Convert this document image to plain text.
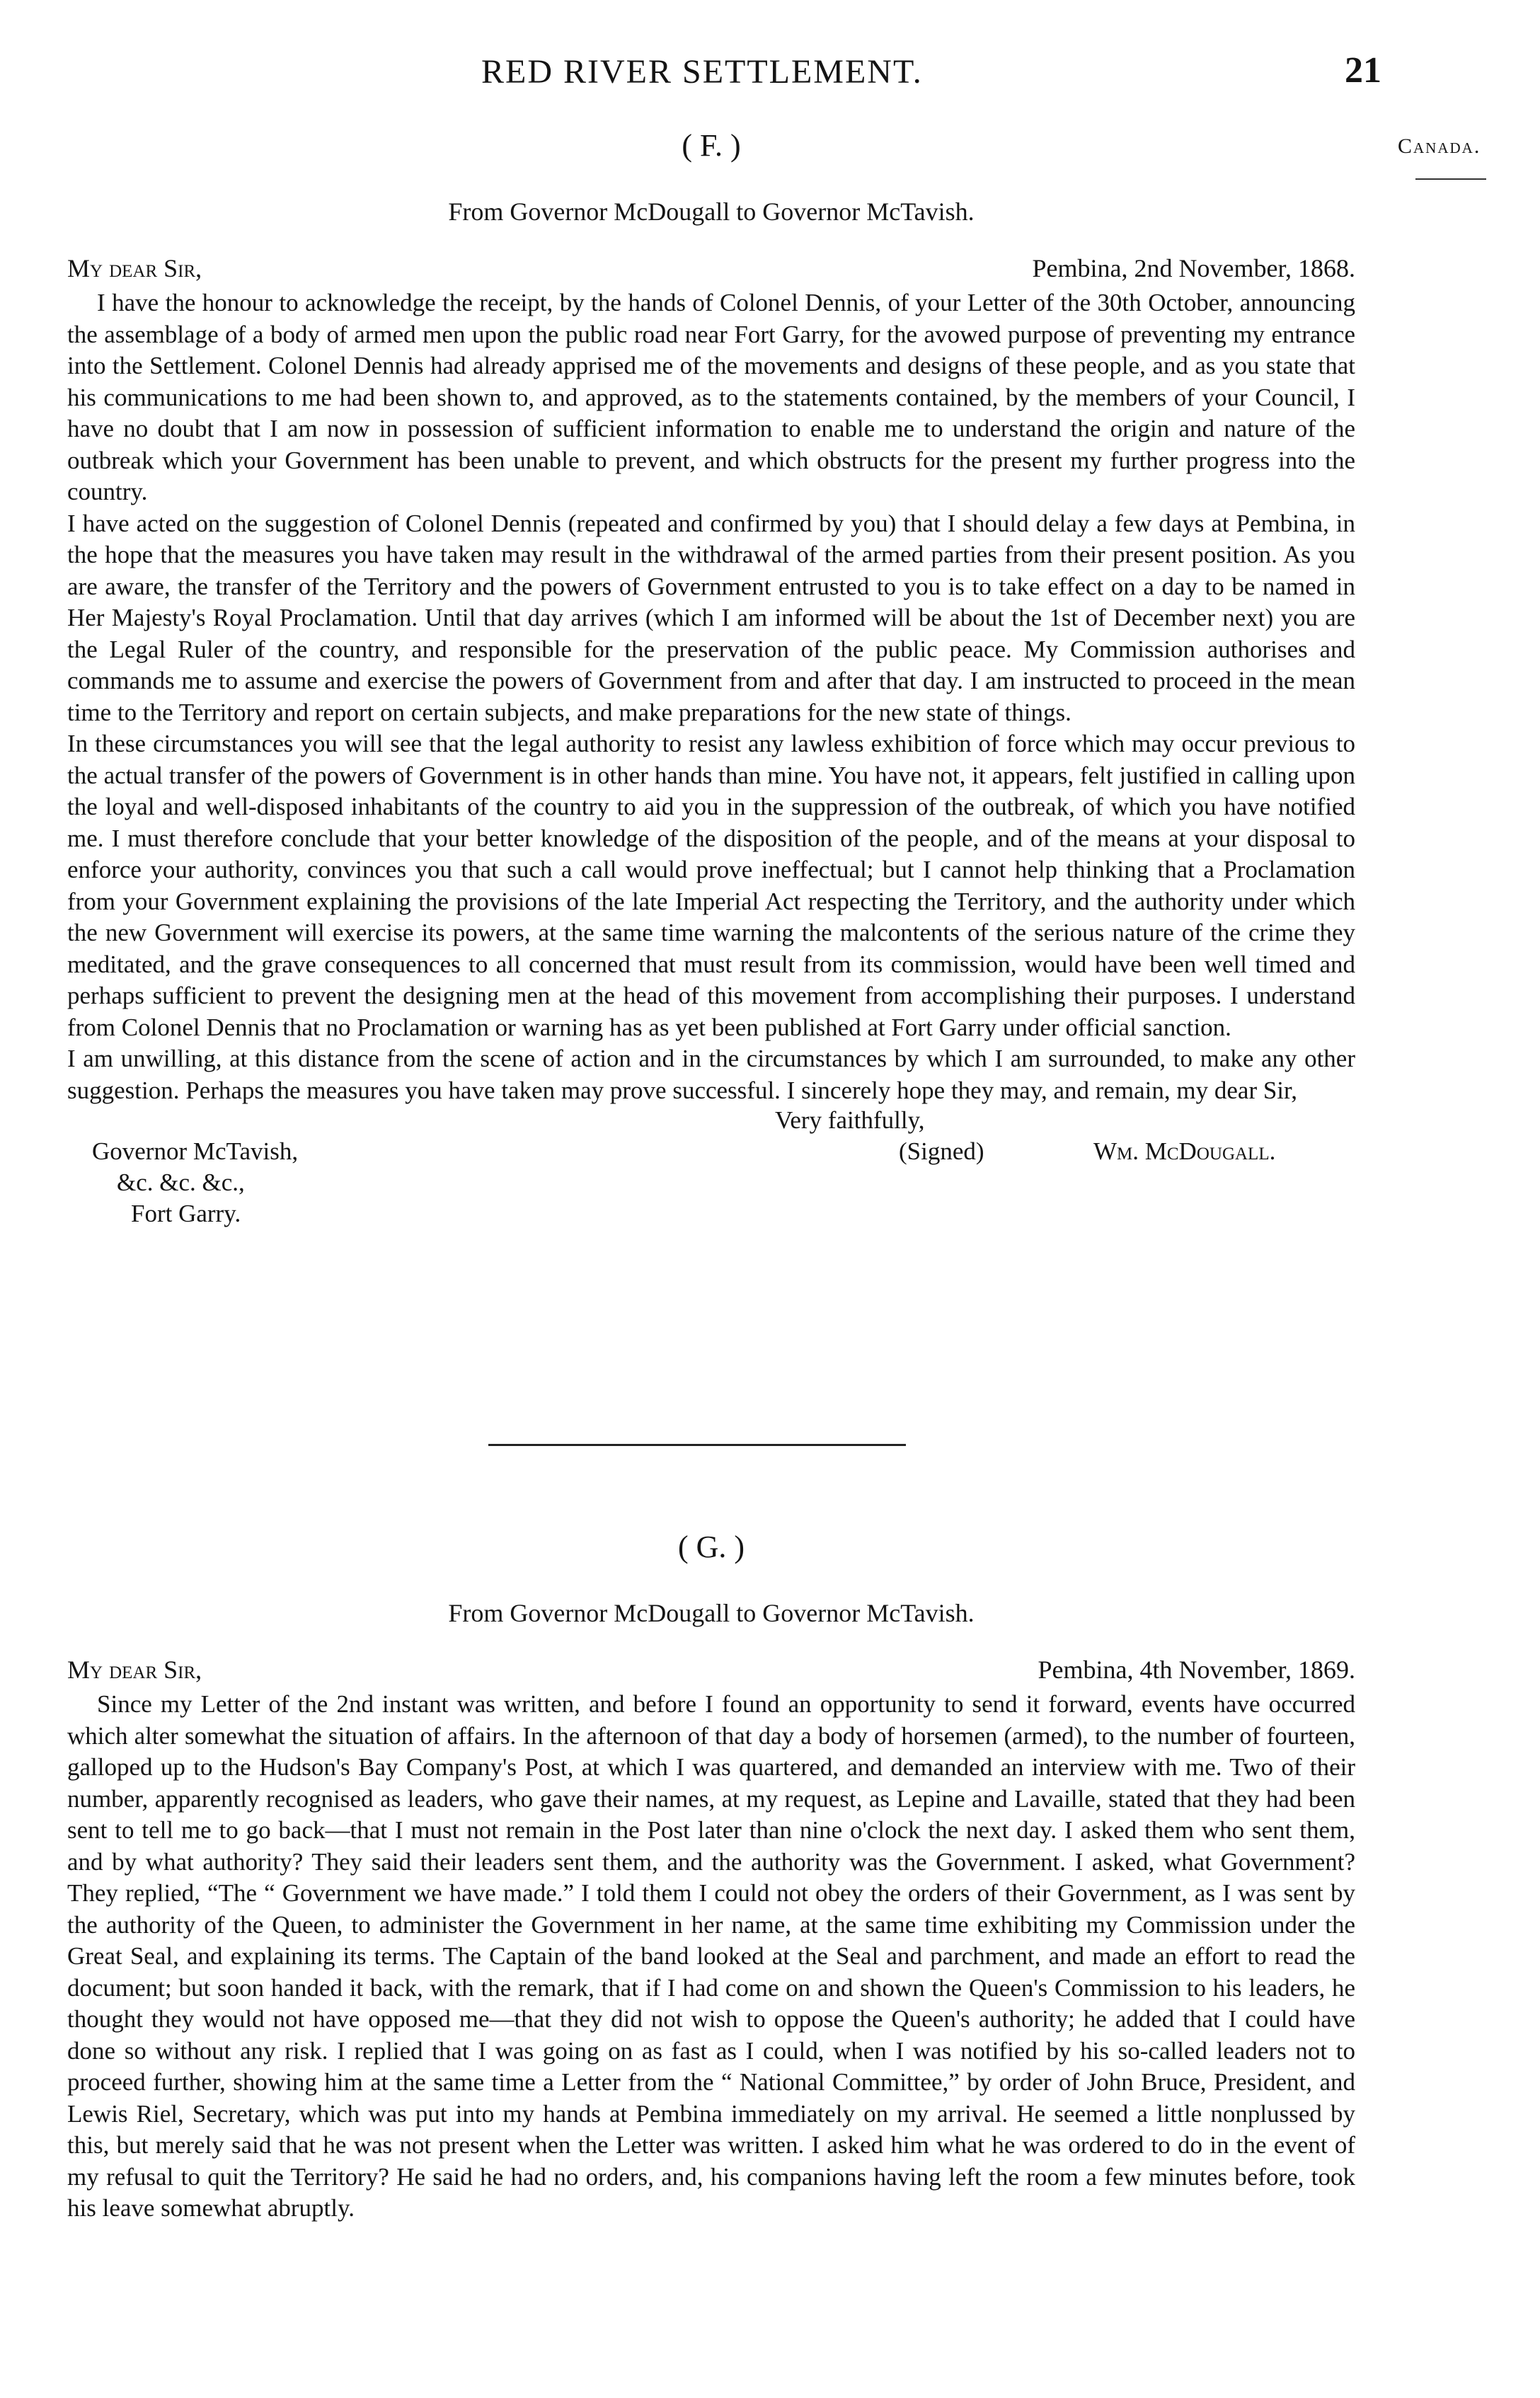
RED RIVER SETTLEMENT.	21
Canada.
( F. )
From Governor McDougall to Governor McTavish.
My dear Sir,	Pembina, 2nd November, 1868.

I have the honour to acknowledge the receipt, by the hands of Colonel Dennis, of your Letter of the 30th October, announcing the assemblage of a body of armed men upon the public road near Fort Garry, for the avowed purpose of preventing my entrance into the Settlement. Colonel Dennis had already apprised me of the movements and designs of these people, and as you state that his communications to me had been shown to, and approved, as to the statements contained, by the members of your Council, I have no doubt that I am now in possession of sufficient information to enable me to understand the origin and nature of the outbreak which your Government has been unable to prevent, and which obstructs for the present my further progress into the country.

I have acted on the suggestion of Colonel Dennis (repeated and confirmed by you) that I should delay a few days at Pembina, in the hope that the measures you have taken may result in the withdrawal of the armed parties from their present position. As you are aware, the transfer of the Territory and the powers of Government entrusted to you is to take effect on a day to be named in Her Majesty's Royal Proclamation. Until that day arrives (which I am informed will be about the 1st of December next) you are the Legal Ruler of the country, and responsible for the preservation of the public peace. My Commission authorises and commands me to assume and exercise the powers of Government from and after that day. I am instructed to proceed in the mean time to the Territory and report on certain subjects, and make preparations for the new state of things.

In these circumstances you will see that the legal authority to resist any lawless exhibition of force which may occur previous to the actual transfer of the powers of Government is in other hands than mine. You have not, it appears, felt justified in calling upon the loyal and well-disposed inhabitants of the country to aid you in the suppression of the outbreak, of which you have notified me. I must therefore conclude that your better knowledge of the disposition of the people, and of the means at your disposal to enforce your authority, convinces you that such a call would prove ineffectual; but I cannot help thinking that a Proclamation from your Government explaining the provisions of the late Imperial Act respecting the Territory, and the authority under which the new Government will exercise its powers, at the same time warning the malcontents of the serious nature of the crime they meditated, and the grave consequences to all concerned that must result from its commission, would have been well timed and perhaps sufficient to prevent the designing men at the head of this movement from accomplishing their purposes. I understand from Colonel Dennis that no Proclamation or warning has as yet been published at Fort Garry under official sanction.

I am unwilling, at this distance from the scene of action and in the circumstances by which I am surrounded, to make any other suggestion. Perhaps the measures you have taken may prove successful. I sincerely hope they may, and remain, my dear Sir,

Very faithfully,
Governor McTavish,	(Signed)	Wm. McDougall.
&c. &c. &c.,
Fort Garry.
( G. )
From Governor McDougall to Governor McTavish.
My dear Sir,	Pembina, 4th November, 1869.

Since my Letter of the 2nd instant was written, and before I found an opportunity to send it forward, events have occurred which alter somewhat the situation of affairs. In the afternoon of that day a body of horsemen (armed), to the number of fourteen, galloped up to the Hudson's Bay Company's Post, at which I was quartered, and demanded an interview with me. Two of their number, apparently recognised as leaders, who gave their names, at my request, as Lepine and Lavaille, stated that they had been sent to tell me to go back—that I must not remain in the Post later than nine o'clock the next day. I asked them who sent them, and by what authority? They said their leaders sent them, and the authority was the Government. I asked, what Government? They replied, “The “ Government we have made.” I told them I could not obey the orders of their Government, as I was sent by the authority of the Queen, to administer the Government in her name, at the same time exhibiting my Commission under the Great Seal, and explaining its terms. The Captain of the band looked at the Seal and parchment, and made an effort to read the document; but soon handed it back, with the remark, that if I had come on and shown the Queen's Commission to his leaders, he thought they would not have opposed me—that they did not wish to oppose the Queen's authority; he added that I could have done so without any risk. I replied that I was going on as fast as I could, when I was notified by his so-called leaders not to proceed further, showing him at the same time a Letter from the “ National Committee,” by order of John Bruce, President, and Lewis Riel, Secretary, which was put into my hands at Pembina immediately on my arrival. He seemed a little nonplussed by this, but merely said that he was not present when the Letter was written. I asked him what he was ordered to do in the event of my refusal to quit the Territory? He said he had no orders, and, his companions having left the room a few minutes before, took his leave somewhat abruptly.
